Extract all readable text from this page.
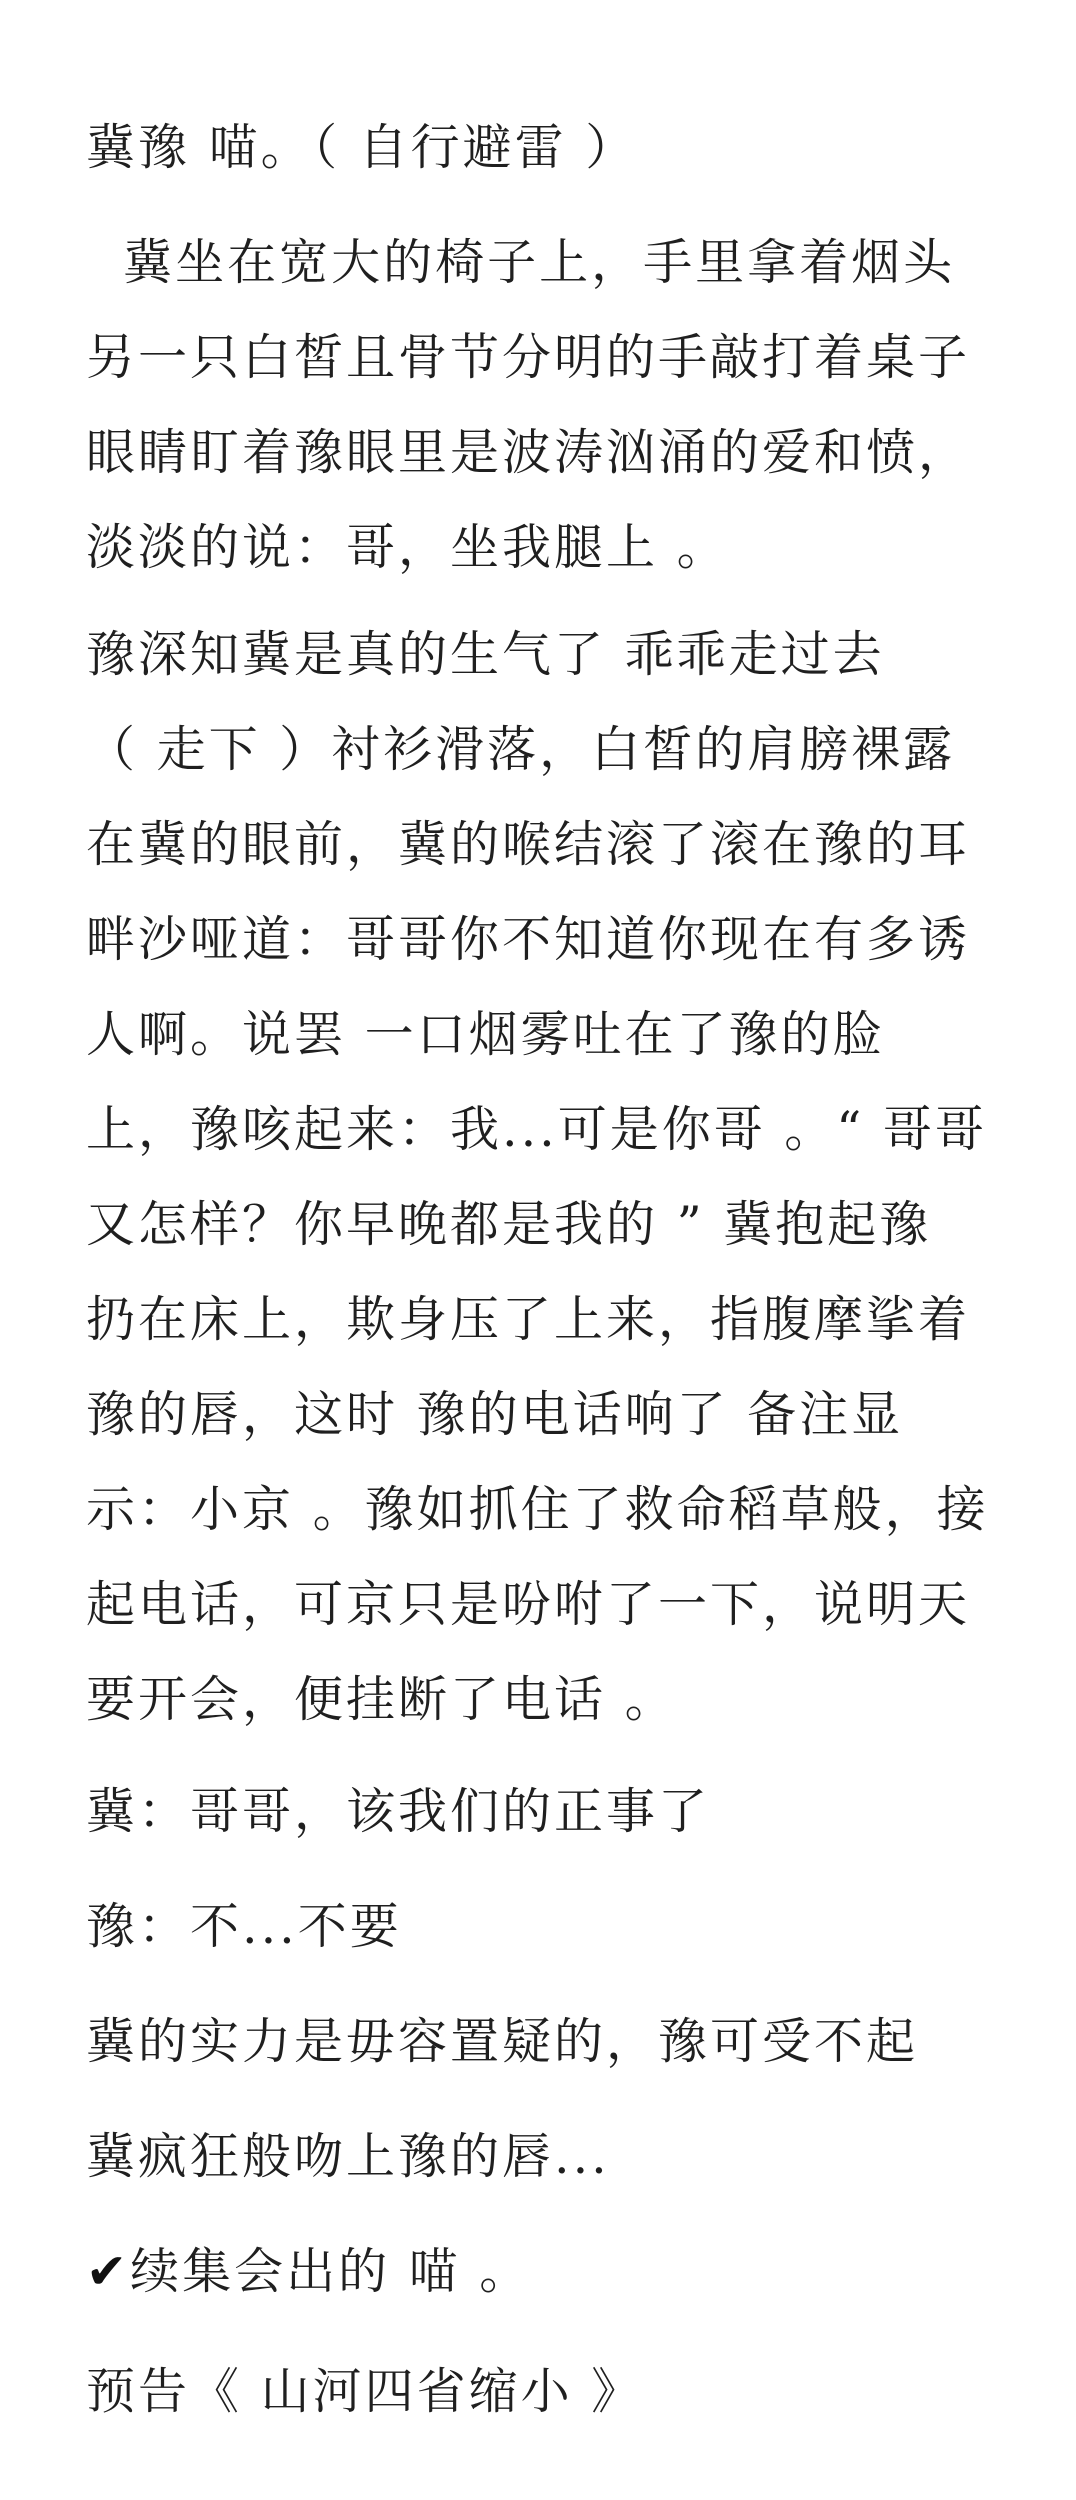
冀豫 喵。（ 自行避雷 ）

冀坐在宽大的椅子上，手里拿着烟头

另一只白皙且骨节分明的手敲打着桌子

眼睛盯着豫眼里是波涛汹涌的爱和愤，

淡淡的说：哥，坐我腿上 。

豫深知冀是真的生气了 乖乖走过去

（ 走下 ）衬衫滑落，白皙的肩膀裸露

在冀的眼前，冀的喉结滚了滚在豫的耳

畔沙哑道：哥哥你不知道你现在有多诱

人啊。说罢 一口烟雾吐在了豫的脸

上，豫咳起来：我...可是你哥 。“ 哥哥

又怎样？你早晚都是我的 ” 冀抱起豫

扔在床上，欺身压了上来，指腹摩挲着

豫的唇，这时 豫的电话响了 备注显

示：小京 。豫如抓住了救命稻草般，接

起电话，可京只是吩咐了一下，说明天

要开会，便挂断了电话 。

冀：哥哥，该我们的正事了

豫：不...不要

冀的实力是毋容置疑的，豫可受不起

冀疯狂般吻上豫的唇...

✔续集会出的 喵 。

预告《 山河四省缩小 》
